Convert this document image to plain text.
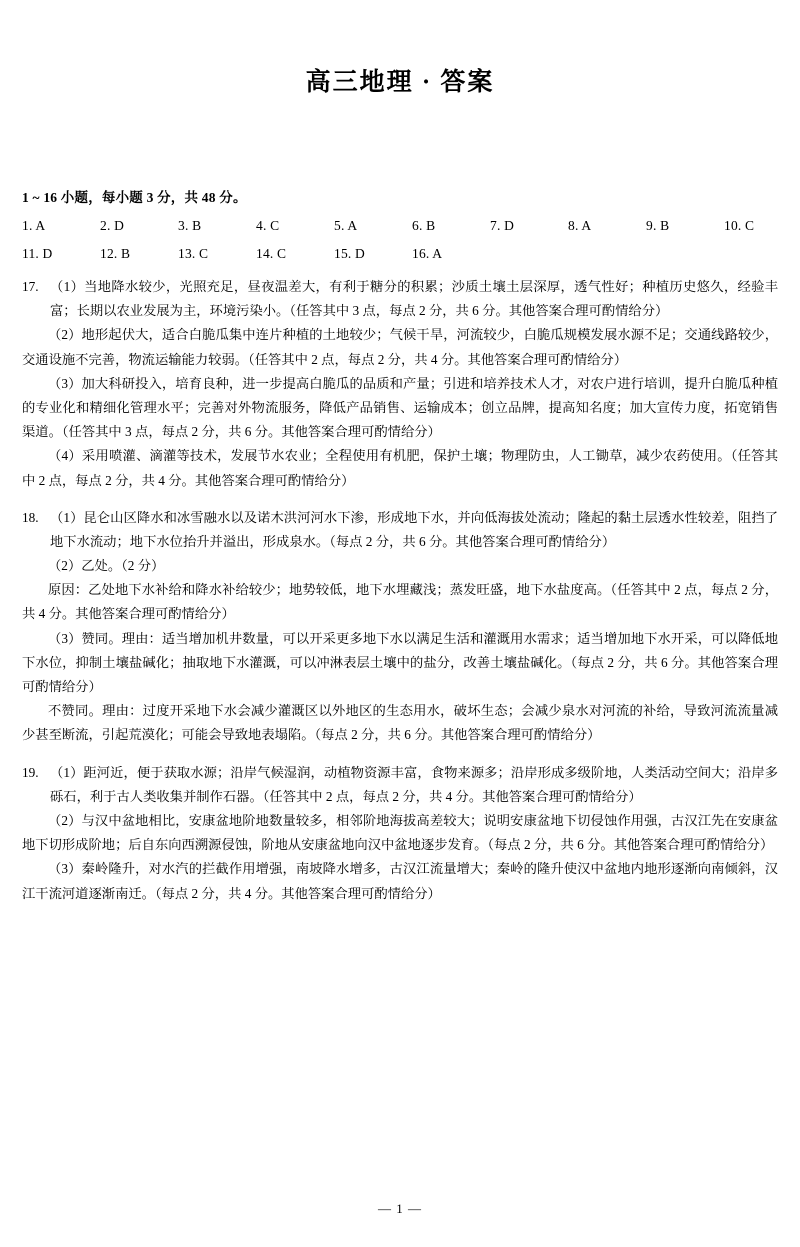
高三地理 · 答案
1 ~ 16 小题，每小题 3 分，共 48 分。
1. A	2. D	3. B	4. C	5. A	6. B	7. D	8. A	9. B	10. C
11. D	12. B	13. C	14. C	15. D	16. A
17. （1）当地降水较少，光照充足，昼夜温差大，有利于糖分的积累；沙质土壤土层深厚，透气性好；种植历史悠久，经验丰富；长期以农业发展为主，环境污染小。（任答其中 3 点，每点 2 分，共 6 分。其他答案合理可酌情给分）

（2）地形起伏大，适合白脆瓜集中连片种植的土地较少；气候干旱，河流较少，白脆瓜规模发展水源不足；交通线路较少，交通设施不完善，物流运输能力较弱。（任答其中 2 点，每点 2 分，共 4 分。其他答案合理可酌情给分）

（3）加大科研投入，培育良种，进一步提高白脆瓜的品质和产量；引进和培养技术人才，对农户进行培训，提升白脆瓜种植的专业化和精细化管理水平；完善对外物流服务，降低产品销售、运输成本；创立品牌，提高知名度；加大宣传力度，拓宽销售渠道。（任答其中 3 点，每点 2 分，共 6 分。其他答案合理可酌情给分）

（4）采用喷灌、滴灌等技术，发展节水农业；全程使用有机肥，保护土壤；物理防虫，人工锄草，减少农药使用。（任答其中 2 点，每点 2 分，共 4 分。其他答案合理可酌情给分）

18. （1）昆仑山区降水和冰雪融水以及诺木洪河河水下渗，形成地下水，并向低海拔处流动；隆起的黏土层透水性较差，阻挡了地下水流动；地下水位抬升并溢出，形成泉水。（每点 2 分，共 6 分。其他答案合理可酌情给分）

（2）乙处。（2 分）

原因：乙处地下水补给和降水补给较少；地势较低，地下水埋藏浅；蒸发旺盛，地下水盐度高。（任答其中 2 点，每点 2 分，共 4 分。其他答案合理可酌情给分）

（3）赞同。理由：适当增加机井数量，可以开采更多地下水以满足生活和灌溉用水需求；适当增加地下水开采，可以降低地下水位，抑制土壤盐碱化；抽取地下水灌溉，可以冲淋表层土壤中的盐分，改善土壤盐碱化。（每点 2 分，共 6 分。其他答案合理可酌情给分）

不赞同。理由：过度开采地下水会减少灌溉区以外地区的生态用水，破坏生态；会减少泉水对河流的补给，导致河流流量减少甚至断流，引起荒漠化；可能会导致地表塌陷。（每点 2 分，共 6 分。其他答案合理可酌情给分）

19. （1）距河近，便于获取水源；沿岸气候湿润，动植物资源丰富，食物来源多；沿岸形成多级阶地，人类活动空间大；沿岸多砾石，利于古人类收集并制作石器。（任答其中 2 点，每点 2 分，共 4 分。其他答案合理可酌情给分）

（2）与汉中盆地相比，安康盆地阶地数量较多，相邻阶地海拔高差较大；说明安康盆地下切侵蚀作用强，古汉江先在安康盆地下切形成阶地；后自东向西溯源侵蚀，阶地从安康盆地向汉中盆地逐步发育。（每点 2 分，共 6 分。其他答案合理可酌情给分）

（3）秦岭隆升，对水汽的拦截作用增强，南坡降水增多，古汉江流量增大；秦岭的隆升使汉中盆地内地形逐渐向南倾斜，汉江干流河道逐渐南迁。（每点 2 分，共 4 分。其他答案合理可酌情给分）

— 1 —
